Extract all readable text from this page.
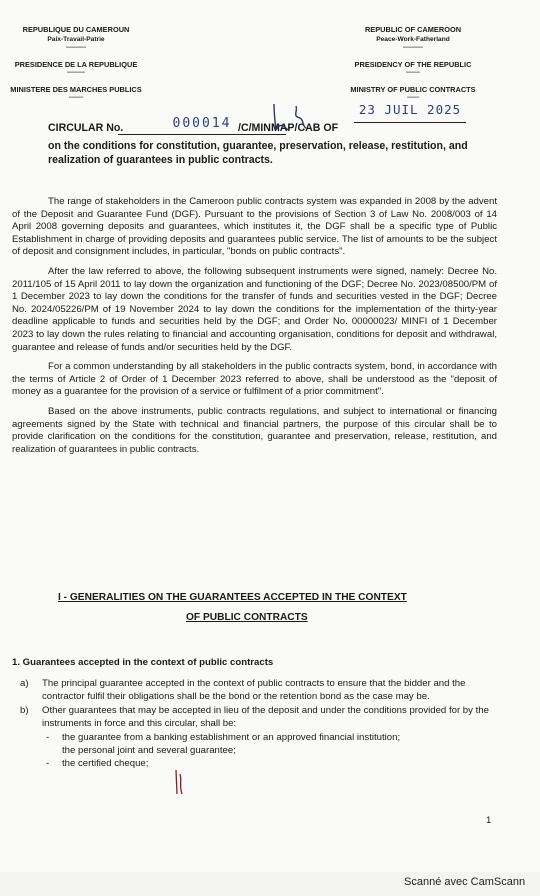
REPUBLIQUE DU CAMEROUN
Paix-Travail-Patrie
----------
PRESIDENCE DE LA REPUBLIQUE
---------
MINISTERE DES MARCHES PUBLICS
-------
REPUBLIC OF CAMEROON
Peace-Work-Fatherland
----------
PRESIDENCY OF THE REPUBLIC
-------
MINISTRY OF PUBLIC CONTRACTS
------
CIRCULAR No.	000014 /C/MINMAP/CAB OF
23 JUIL 2025

on the conditions for constitution, guarantee, preservation, release, restitution, and realization of guarantees in public contracts.

The range of stakeholders in the Cameroon public contracts system was expanded in 2008 by the advent of the Deposit and Guarantee Fund (DGF). Pursuant to the provisions of Section 3 of Law No. 2008/003 of 14 April 2008 governing deposits and guarantees, which institutes it, the DGF shall be a specific type of Public Establishment in charge of providing deposits and guarantees public service. The list of amounts to be the subject of deposit and consignment includes, in particular, "bonds on public contracts".

After the law referred to above, the following subsequent instruments were signed, namely: Decree No. 2011/105 of 15 April 2011 to lay down the organization and functioning of the DGF; Decree No. 2023/08500/PM of 1 December 2023 to lay down the conditions for the transfer of funds and securities vested in the DGF; Decree No. 2024/05226/PM of 19 November 2024 to lay down the conditions for the implementation of the thirty-year deadline applicable to funds and securities held by the DGF; and Order No. 00000023/ MINFI of 1 December 2023 to lay down the rules relating to financial and accounting organisation, conditions for deposit and withdrawal, guarantee and release of funds and/or securities held by the DGF.

For a common understanding by all stakeholders in the public contracts system, bond, in accordance with the terms of Article 2 of Order of 1 December 2023 referred to above, shall be understood as the "deposit of money as a guarantee for the provision of a service or fulfilment of a prior commitment".

Based on the above instruments, public contracts regulations, and subject to international or financing agreements signed by the State with technical and financial partners, the purpose of this circular shall be to provide clarification on the conditions for the constitution, guarantee and preservation, release, restitution, and realization of guarantees in public contracts.

I - GENERALITIES ON THE GUARANTEES ACCEPTED IN THE CONTEXT
OF PUBLIC CONTRACTS
1. Guarantees accepted in the context of public contracts
a)	The principal guarantee accepted in the context of public contracts to ensure that the bidder and the contractor fulfil their obligations shall be the bond or the retention bond as the case may be.
b)	Other guarantees that may be accepted in lieu of the deposit and under the conditions provided for by the instruments in force and this circular, shall be:
-	the guarantee from a banking establishment or an approved financial institution;
the personal joint and several guarantee;
-	the certified cheque;
1
Scanné avec CamScann
